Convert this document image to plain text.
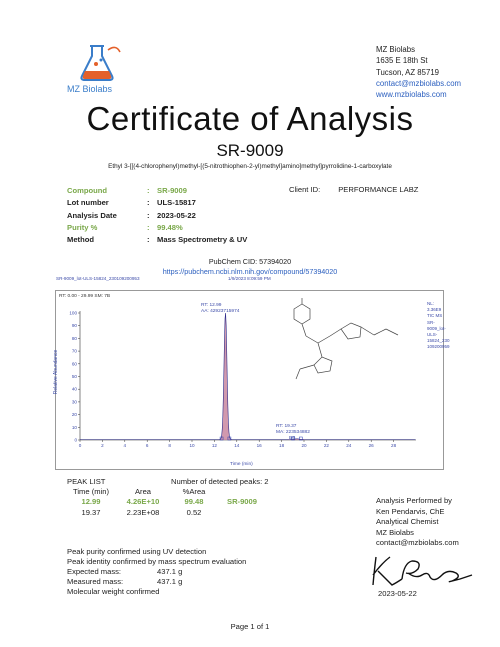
MZ Biolabs
MZ Biolabs
1635 E 18th St
Tucson, AZ 85719
contact@mzbiolabs.com
www.mzbiolabs.com
Certificate of Analysis
SR-9009
Ethyl 3-[[(4-chlorophenyl)methyl-[(5-nitrothiophen-2-yl)methyl]amino]methyl]pyrrolidine-1-carboxylate
Compound	: SR-9009
Lot number	: ULS-15817
Analysis Date	: 2023-05-22
Purity %	: 99.48%
Method	: Mass Spectrometry & UV
Client ID: PERFORMANCE LABZ
PubChem CID: 57394020
https://pubchem.ncbi.nlm.nih.gov/compound/57394020
SR-9009_lot-ULS-15824_230109200953	1/9/2023 8:09:59 PM
0
10
20
30
40
50
60
70
80
90
100
0	2	4	6	8	10	12	14	16	18	20	22	24	26	28
RT: 0.00 - 29.99 SM: 7B
Relative Abundance
Time (min)
RT: 12.99
AA: 42923715974
RT: 19.37
MA: 223534882
BB
NL:
3.36E9
TIC MS
SR-
9009_lot-
ULS-
15824_230
109200959
PEAK LIST	Number of detected peaks: 2
Time (min)	Area	%Area
12.99	4.26E+10	99.48	SR-9009
19.37	2.23E+08	0.52
Analysis Performed by
Ken Pendarvis, ChE
Analytical Chemist
MZ Biolabs
contact@mzbiolabs.com
Peak purity confirmed using UV detection
Peak identity confirmed by mass spectrum evaluation
Expected mass:	437.1 g
Measured mass:	437.1 g
Molecular weight confirmed	2023-05-22
Page 1 of 1
